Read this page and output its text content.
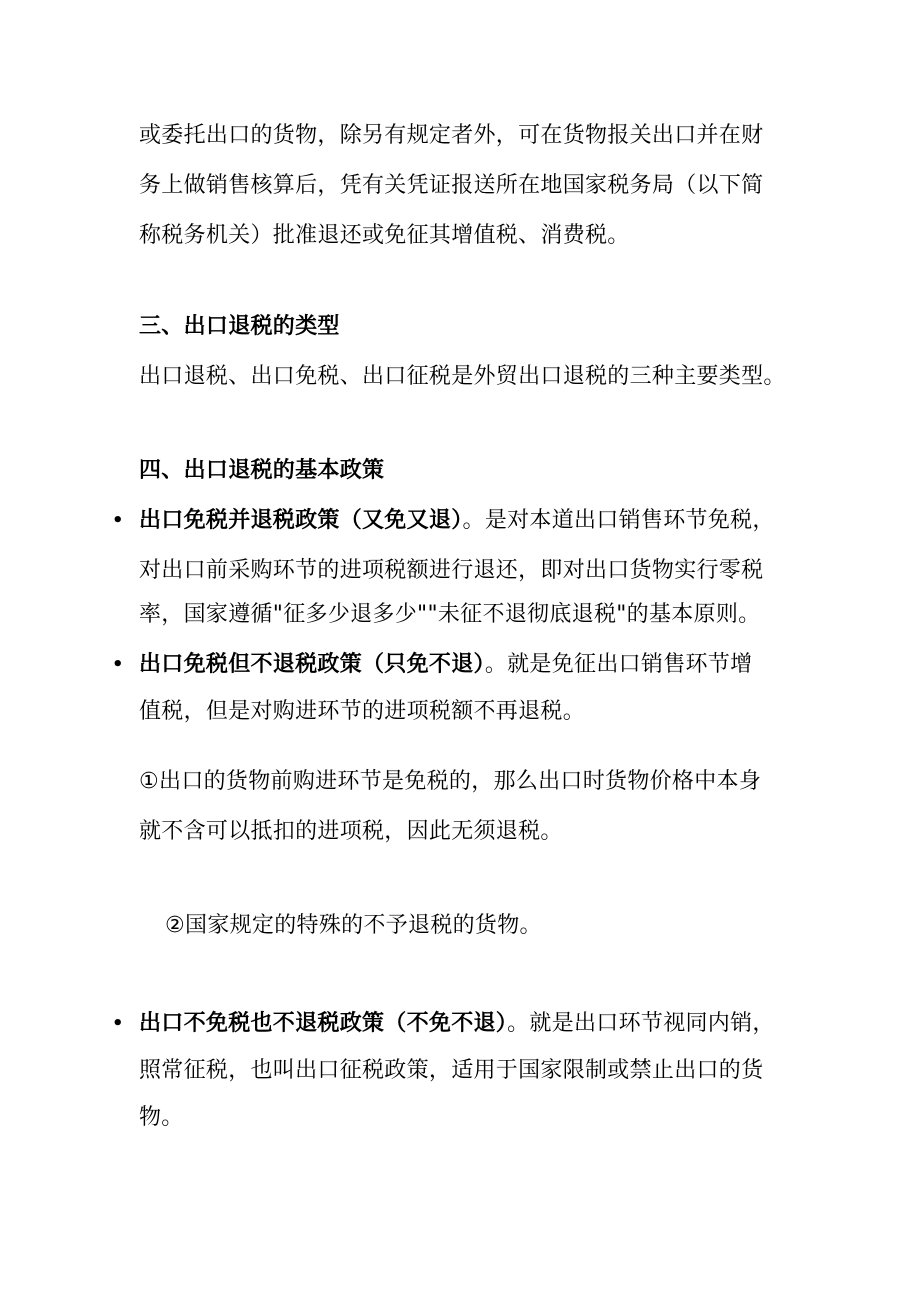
或委托出口的货物，除另有规定者外，可在货物报关出口并在财
务上做销售核算后，凭有关凭证报送所在地国家税务局（以下简
称税务机关）批准退还或免征其增值税、消费税。
三、出口退税的类型
出口退税、出口免税、出口征税是外贸出口退税的三种主要类型。
四、出口退税的基本政策
• 出口免税并退税政策（又免又退）。是对本道出口销售环节免税，
对出口前采购环节的进项税额进行退还，即对出口货物实行零税
率，国家遵循"征多少退多少""未征不退彻底退税"的基本原则。
• 出口免税但不退税政策（只免不退）。就是免征出口销售环节增
值税，但是对购进环节的进项税额不再退税。
①出口的货物前购进环节是免税的，那么出口时货物价格中本身
就不含可以抵扣的进项税，因此无须退税。
②国家规定的特殊的不予退税的货物。
• 出口不免税也不退税政策（不免不退）。就是出口环节视同内销，
照常征税，也叫出口征税政策，适用于国家限制或禁止出口的货
物。
